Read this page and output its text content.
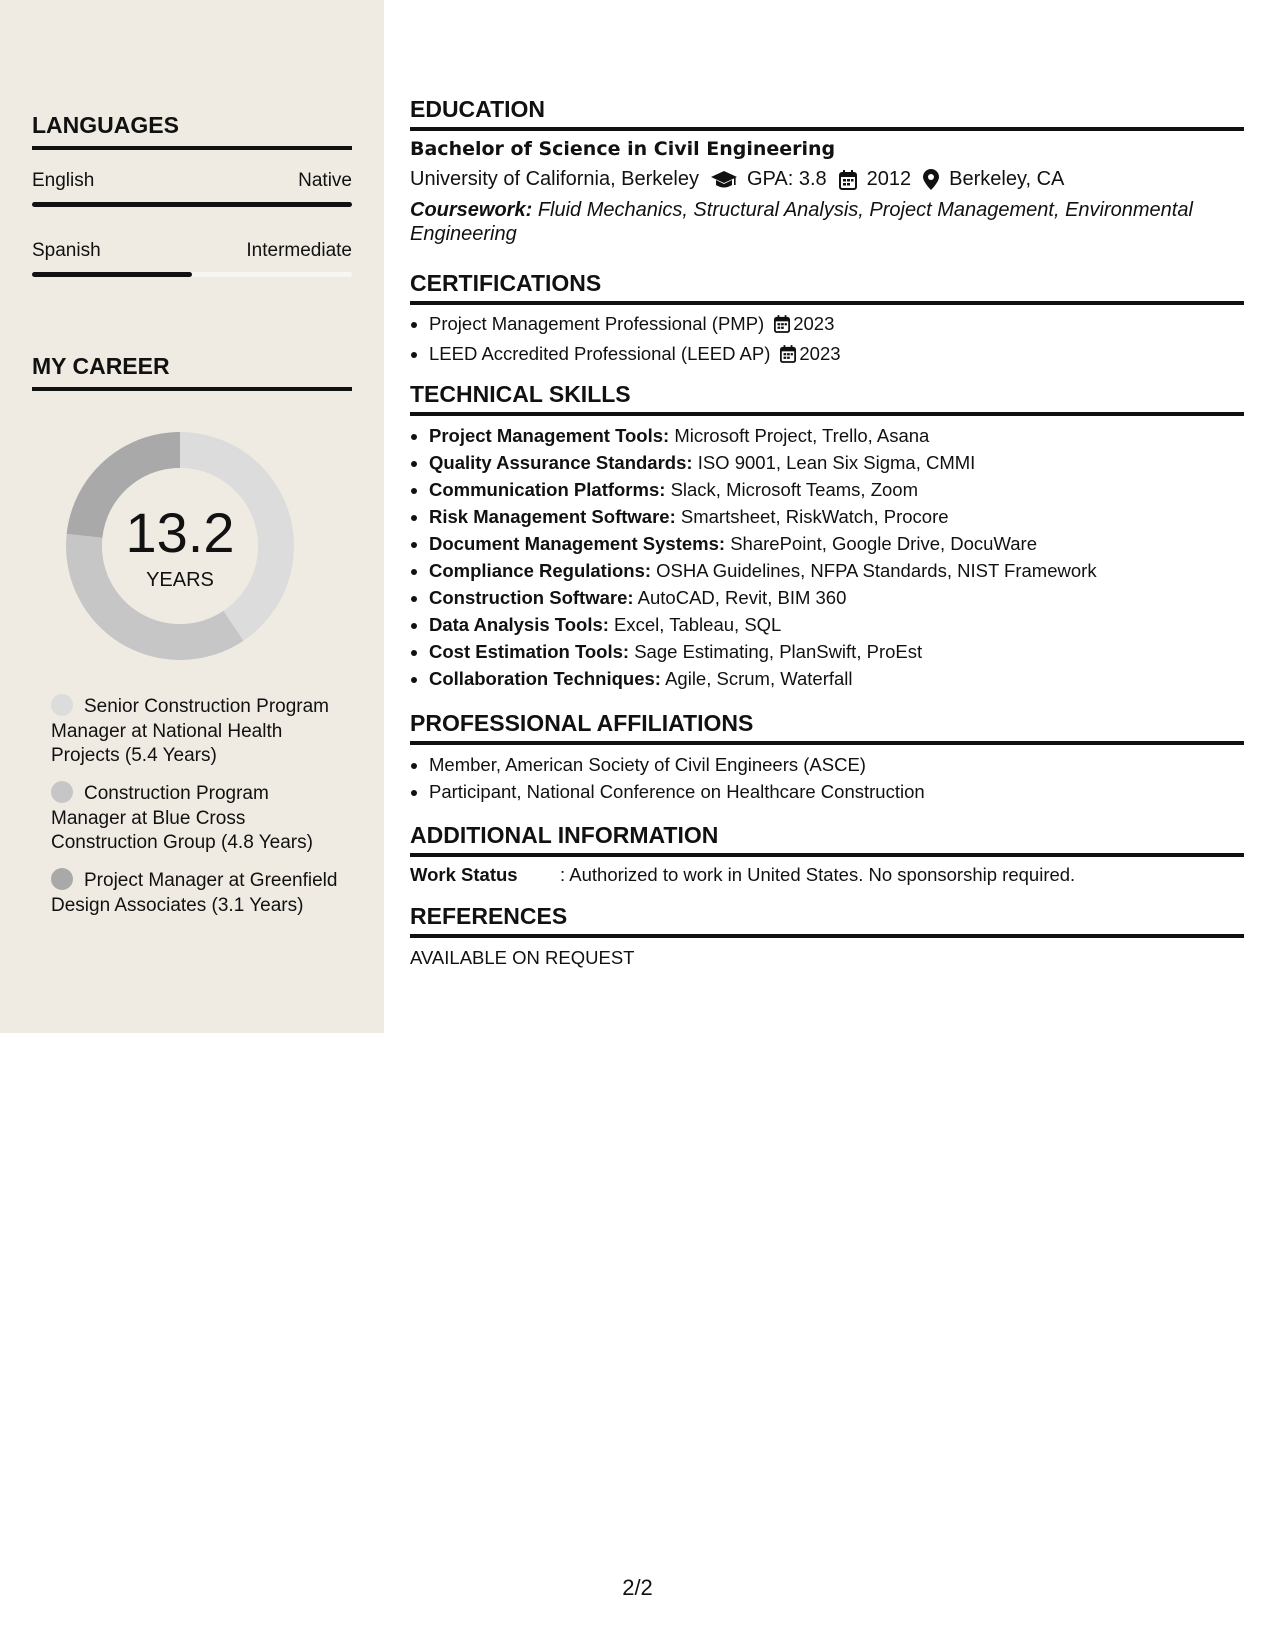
LANGUAGES
English	Native
Spanish	Intermediate
MY CAREER
13.2
YEARS
Senior Construction Program Manager at National Health Projects (5.4 Years)
Construction Program Manager at Blue Cross Construction Group (4.8 Years)
Project Manager at Greenfield Design Associates (3.1 Years)
EDUCATION
Bachelor of Science in Civil Engineering
University of California, Berkeley GPA: 3.8 2012 Berkeley, CA
Coursework: Fluid Mechanics, Structural Analysis, Project Management, Environmental Engineering
CERTIFICATIONS
• Project Management Professional (PMP) 2023
• LEED Accredited Professional (LEED AP) 2023
TECHNICAL SKILLS
• Project Management Tools: Microsoft Project, Trello, Asana
• Quality Assurance Standards: ISO 9001, Lean Six Sigma, CMMI
• Communication Platforms: Slack, Microsoft Teams, Zoom
• Risk Management Software: Smartsheet, RiskWatch, Procore
• Document Management Systems: SharePoint, Google Drive, DocuWare
• Compliance Regulations: OSHA Guidelines, NFPA Standards, NIST Framework
• Construction Software: AutoCAD, Revit, BIM 360
• Data Analysis Tools: Excel, Tableau, SQL
• Cost Estimation Tools: Sage Estimating, PlanSwift, ProEst
• Collaboration Techniques: Agile, Scrum, Waterfall
PROFESSIONAL AFFILIATIONS
• Member, American Society of Civil Engineers (ASCE)
• Participant, National Conference on Healthcare Construction
ADDITIONAL INFORMATION
Work Status	: Authorized to work in United States. No sponsorship required.
REFERENCES
AVAILABLE ON REQUEST
2/2
